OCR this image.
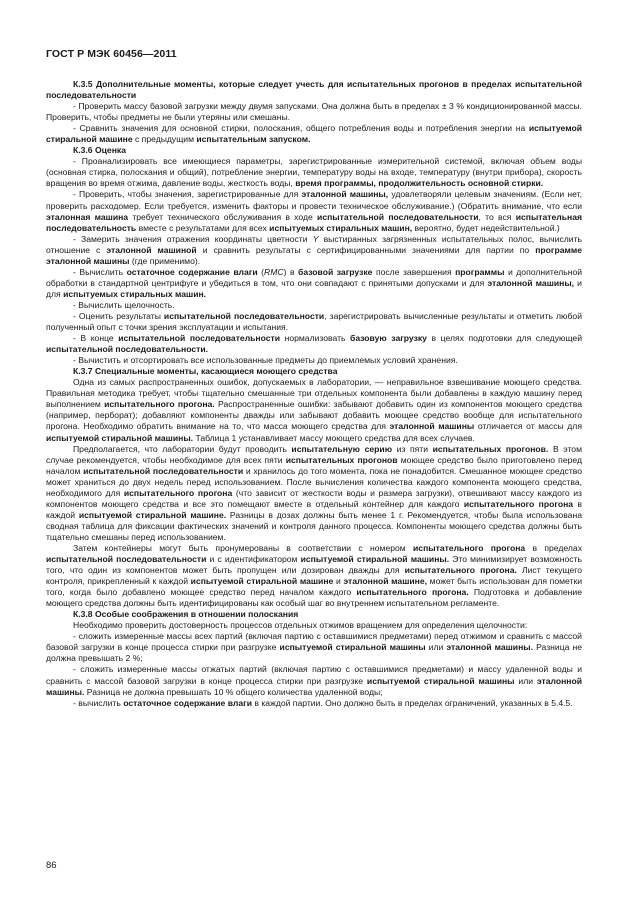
ГОСТ Р МЭК 60456—2011

К.3.5 Дополнительные моменты, которые следует учесть для испытательных прогонов в пределах испытательной последовательности

- Проверить массу базовой загрузки между двумя запусками. Она должна быть в пределах ± 3 % кондиционированной массы. Проверить, чтобы предметы не были утеряны или смешаны.

- Сравнить значения для основной стирки, полоскания, общего потребления воды и потребления энергии на испытуемой стиральной машине с предыдущим испытательным запуском.

К.3.6 Оценка

- Проанализировать все имеющиеся параметры, зарегистрированные измерительной системой, включая объем воды (основная стирка, полоскания и общий), потребление энергии, температуру воды на входе, температуру (внутри прибора), скорость вращения во время отжима, давление воды, жесткость воды, время программы, продолжительность основной стирки.

- Проверить, чтобы значения, зарегистрированные для эталонной машины, удовлетворяли целевым значениям. (Если нет, проверить расходомер. Если требуется, изменить факторы и провести техническое обслуживание.) (Обратить внимание, что если эталонная машина требует технического обслуживания в ходе испытательной последовательности, то вся испытательная последовательность вместе с результатами для всех испытуемых стиральных машин, вероятно, будет недействительной.)

- Замерить значения отражения координаты цветности Y выстиранных загрязненных испытательных полос, вычислить отношение с эталонной машиной и сравнить результаты с сертифицированными значениями для партии по программе эталонной машины (где применимо).

- Вычислить остаточное содержание влаги (RMC) в базовой загрузке после завершения программы и дополнительной обработки в стандартной центрифуге и убедиться в том, что они совпадают с принятыми допусками и для эталонной машины, и для испытуемых стиральных машин.

- Вычислить щелочность.

- Оценить результаты испытательной последовательности, зарегистрировать вычисленные результаты и отметить любой полученный опыт с точки зрения эксплуатации и испытания.

- В конце испытательной последовательности нормализовать базовую загрузку в целях подготовки для следующей испытательной последовательности.

- Вычистить и отсортировать все использованные предметы до приемлемых условий хранения.

К.3.7 Специальные моменты, касающиеся моющего средства

Одна из самых распространенных ошибок, допускаемых в лаборатории, — неправильное взвешивание моющего средства. Правильная методика требует, чтобы тщательно смешанные три отдельных компонента были добавлены в каждую машину перед выполнением испытательного прогона. Распространенные ошибки: забывают добавить один из компонентов моющего средства (например, перборат); добавляют компоненты дважды или забывают добавить моющее средство вообще для испытательного прогона. Необходимо обратить внимание на то, что масса моющего средства для эталонной машины отличается от массы для испытуемой стиральной машины. Таблица 1 устанавливает массу моющего средства для всех случаев.

Предполагается, что лаборатории будут проводить испытательную серию из пяти испытательных прогонов. В этом случае рекомендуется, чтобы необходимое для всех пяти испытательных прогонов моющее средство было приготовлено перед началом испытательной последовательности и хранилось до того момента, пока не понадобится. Смешанное моющее средство может храниться до двух недель перед использованием. После вычисления количества каждого компонента моющего средства, необходимого для испытательного прогона (что зависит от жесткости воды и размера загрузки), отвешивают массу каждого из компонентов моющего средства и все это помещают вместе в отдельный контейнер для каждого испытательного прогона в каждой испытуемой стиральной машине. Разницы в дозах должны быть менее 1 г. Рекомендуется, чтобы была использована сводная таблица для фиксации фактических значений и контроля данного процесса. Компоненты моющего средства должны быть тщательно смешаны перед использованием.

Затем контейнеры могут быть пронумерованы в соответствии с номером испытательного прогона в пределах испытательной последовательности и с идентификатором испытуемой стиральной машины. Это минимизирует возможность того, что один из компонентов может быть пропущен или дозирован дважды для испытательного прогона. Лист текущего контроля, прикрепленный к каждой испытуемой стиральной машине и эталонной машине, может быть использован для пометки того, когда было добавлено моющее средство перед началом каждого испытательного прогона. Подготовка и добавление моющего средства должны быть идентифицированы как особый шаг во внутреннем испытательном регламенте.

К.3.8 Особые соображения в отношении полоскания

Необходимо проверить достоверность процессов отдельных отжимов вращением для определения щелочности:

- сложить измеренные массы всех партий (включая партию с оставшимися предметами) перед отжимом и сравнить с массой базовой загрузки в конце процесса стирки при разгрузке испытуемой стиральной машины или эталонной машины. Разница не должна превышать 2 %;

- сложить измеренные массы отжатых партий (включая партию с оставшимися предметами) и массу удаленной воды и сравнить с массой базовой загрузки в конце процесса стирки при разгрузке испытуемой стиральной машины или эталонной машины. Разница не должна превышать 10 % общего количества удаленной воды;

- вычислить остаточное содержание влаги в каждой партии. Оно должно быть в пределах ограничений, указанных в 5.4.5.

86
